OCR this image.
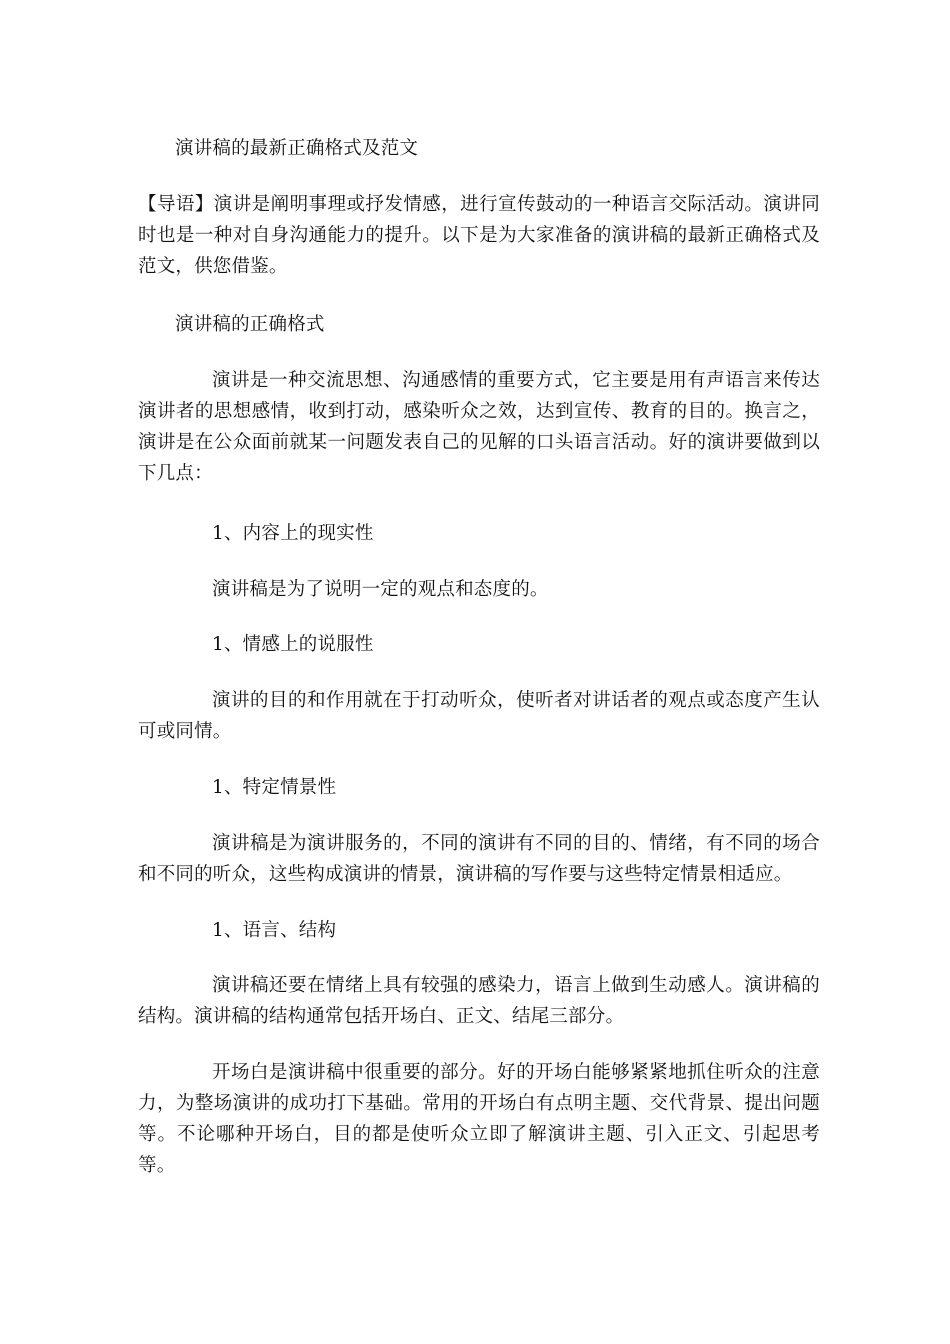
演讲稿的最新正确格式及范文

【导语】演讲是阐明事理或抒发情感，进行宣传鼓动的一种语言交际活动。演讲同时也是一种对自身沟通能力的提升。以下是为大家准备的演讲稿的最新正确格式及范文，供您借鉴。

演讲稿的正确格式

演讲是一种交流思想、沟通感情的重要方式，它主要是用有声语言来传达演讲者的思想感情，收到打动，感染听众之效，达到宣传、教育的目的。换言之，演讲是在公众面前就某一问题发表自己的见解的口头语言活动。好的演讲要做到以下几点：

1、内容上的现实性

演讲稿是为了说明一定的观点和态度的。

1、情感上的说服性

演讲的目的和作用就在于打动听众，使听者对讲话者的观点或态度产生认可或同情。

1、特定情景性

演讲稿是为演讲服务的，不同的演讲有不同的目的、情绪，有不同的场合和不同的听众，这些构成演讲的情景，演讲稿的写作要与这些特定情景相适应。

1、语言、结构

演讲稿还要在情绪上具有较强的感染力，语言上做到生动感人。演讲稿的结构。演讲稿的结构通常包括开场白、正文、结尾三部分。

开场白是演讲稿中很重要的部分。好的开场白能够紧紧地抓住听众的注意力，为整场演讲的成功打下基础。常用的开场白有点明主题、交代背景、提出问题等。不论哪种开场白，目的都是使听众立即了解演讲主题、引入正文、引起思考等。
